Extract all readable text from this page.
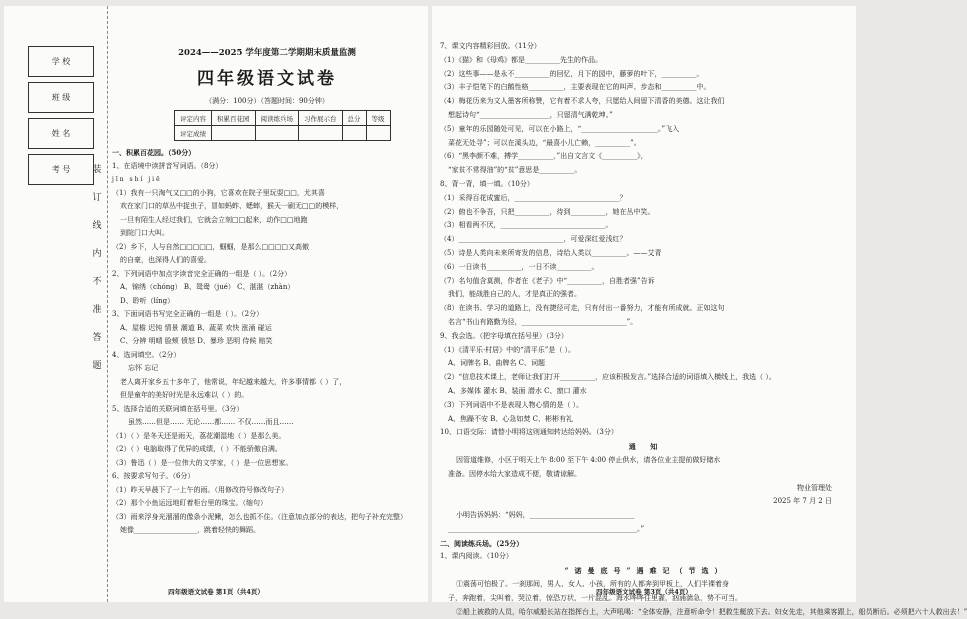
学 校

班 级

姓 名

考 号 装
订
线
内
不
准
答
题
2024——2025 学年度第二学期期末质量监测
四年级语文试卷
（满分：100分）（答题时间：90分钟）
评定内容	积累百花园	阅读练兵场	习作展示台	总分	等级
评定成绩					
一、积累百花园。（50分）
1、在语境中读拼音写词语。（8分）
jīn shí jiē
（1）我有一只淘气又□□的小狗，它喜欢在院子里玩耍□□，尤其喜
欢在家门口的草丛中捉虫子，冒如蚂蚱、蟋蟀，猴天一刷无□□的模样，
一旦有陌生人经过我们，它就会立刻□□起来，动作□□地跑
到院门口大叫。
（2）乡下，人与自然□□□□□，蝈蝈，是那么□□□□又高傲
的自豪，也深得人们的喜爱。
2、下列词语中加点字读音完全正确的一组是（ ）。（2分）
A、锦绣（chóng） B、鸳鸯（jué） C、湛湛（zhàn）
D、聆听（líng）
3、下面词语书写完全正确的一组是（ ）。（2分）
A、屋檐 迟钝 情景 潮道 B、蔬菜 欢快 涨涌 碰运
C、分辨 明晴 脸颊 愤怒 D、暴珍 恶明 侍候 赔笑
4、选词填空。（2分）
忘怀 忘记
老人离开家乡五十多年了，他常说，年纪越来越大，许多事情都（ ）了，
但是童年的美好时光是永远难以（ ）的。
5、选择合适的关联词填在括号里。（3分）
虽然……但是…… 无论……都…… 不仅……而且……
（1）（ ）是冬天还是雨天，荔花潮湿地（ ）是那么美。
（2）（ ）电脑取得了优异的成绩，（ ）不能骄傲自满。
（3）鲁迅（ ）是一位伟大的文学家，（ ）是一位思想家。
6、按要求写句子。（6分）
（1）昨天早晨下了一上午的雨。（用修改符号修改句子）
（2）那个小鱼运远地盯着柜台里的珠宝。（缩句）
（3）雨来浮身光溜溜的像条小泥鳅，怎么也抓不住。（注意加点部分的表达，把句子补充完整）
她像__________________，跳着轻快的舞蹈。
四年级语文试卷 第1页（共4页）
7、课文内容精彩回放。（11分）
（1）《猫》和《母鸡》都是__________先生的作品。
（2）这些事——是永不__________的回忆，月下的园中，藤萝的叶下，__________。
（3）丰子恺笔下的白鹅性格__________，主要表现在它的叫声、步态和__________中。
（4）梅花历来为文人墨客所称赞，它有着不求人夸，只愿给人间留下清香的美德。这让我们
想起诗句“____________________，只留清气满乾坤。”
（5）童年的乐园随处可见，可以在小路上，“______________________。”飞入
菜花无处寻”；可以在溪头边，“最喜小儿亡赖，__________”。
（6）“黑李颜不难，搏学__________，”出自文言文《__________》，
“家贫不常得油”的“贫”意思是__________。
8、背一背，填一填。（10分）
（1）采得百花成蜜后，______________________________？
（2）俯也不争吾，只把__________，待到__________，她在丛中笑。
（3）相看两不厌，______________________________。
（4）______________________________，可爱深红爱浅红？
（5）诗是人类向未来所寄发的信息，诗给人类以__________。——艾青
（6）一日读书__________，一日不读__________。
（7）名句值含莫测，作者在《老子》中“__________，自胜者强”告诉
我们，能战胜自己的人，才是真正的强者。
（8）在读书、学习的道路上，没有捷径可走，只有付出一番努力，才能有所成就。正如这句
名言“书山有路勤为径，______________________________”。
9、我会选。（把字母填在括号里）（3分）
（1）《清平乐·村居》中的“清平乐”是（ ）。
A、词牌名 B、曲牌名 C、词题
（2）“信息技术课上，老师让我们打开__________，应该积极发言。”选择合适的词语填入横线上，我选（ ）。
A、多媒体 灌水 B、装面 潜水 C、窗口 灌水
（3）下列词语中不是表现人物心情的是（ ）。
A、焦躁不安 B、心急如焚 C、彬彬有礼
10、口语交际：请替小明将这则通知转达给妈妈。（3分）
通 知
因管道维修，小区于明天上午 8:00 至下午 4:00 停止供水，请各位业主提前做好储水
准备。因停水给大家造成不便，敬请谅解。
物业管理处
2025 年 7 月 2 日
小明告诉妈妈：“妈妈，______________________________
______________________________________________________。”
二、阅读练兵场。（25分）
1、课内阅读。（10分）
“诺曼底号”遇难记（节选）
①震荡可怕极了。一刹那间，男人、女人、小孩，所有的人都奔到甲板上，人们半裸着身
子，奔跑着，尖叫着，哭泣着，惊恐万状，一片混乱。海水哗哗往里灌，汹涌湍急，势不可当。
②船上被救的人员，哈尔威船长站在指挥台上，大声吼喝：“全体安静，注意听命令！把救生艇放下去。妇女先走，其他乘客跟上，船员断后。必须把六十人救出去！”
四年级语文试卷 第3页（共4页）
